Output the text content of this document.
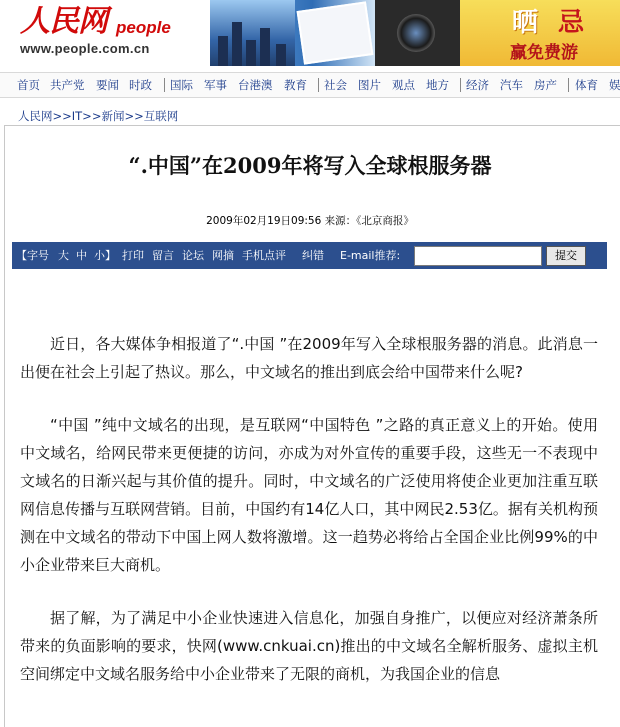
人民网 people
www.people.com.cn
晒 忌
赢免费游
首页 共产党 要闻 时政 国际 军事 台港澳 教育 社会 图片 观点 地方 经济 汽车 房产 体育 娱
人民网>>IT>>新闻>>互联网
“.中国”在2009年将写入全球根服务器
2009年02月19日09:56 来源：《北京商报》
【字号 大 中 小】 打印 留言 论坛 网摘 手机点评 纠错 E-mail推荐:	提交

近日，各大媒体争相报道了“.中国 ”在2009年写入全球根服务器的消息。此消息一出便在社会上引起了热议。那么，中文域名的推出到底会给中国带来什么呢?

“中国 ”纯中文域名的出现，是互联网“中国特色 ”之路的真正意义上的开始。使用中文域名，给网民带来更便捷的访问，亦成为对外宣传的重要手段，这些无一不表现中文域名的日渐兴起与其价值的提升。同时，中文域名的广泛使用将使企业更加注重互联网信息传播与互联网营销。目前，中国约有14亿人口，其中网民2.53亿。据有关机构预测在中文域名的带动下中国上网人数将激增。这一趋势必将给占全国企业比例99%的中小企业带来巨大商机。

据了解，为了满足中小企业快速进入信息化，加强自身推广，以便应对经济萧条所带来的负面影响的要求，快网(www.cnkuai.cn)推出的中文域名全解析服务、虚拟主机空间绑定中文域名服务给中小企业带来了无限的商机，为我国企业的信息
